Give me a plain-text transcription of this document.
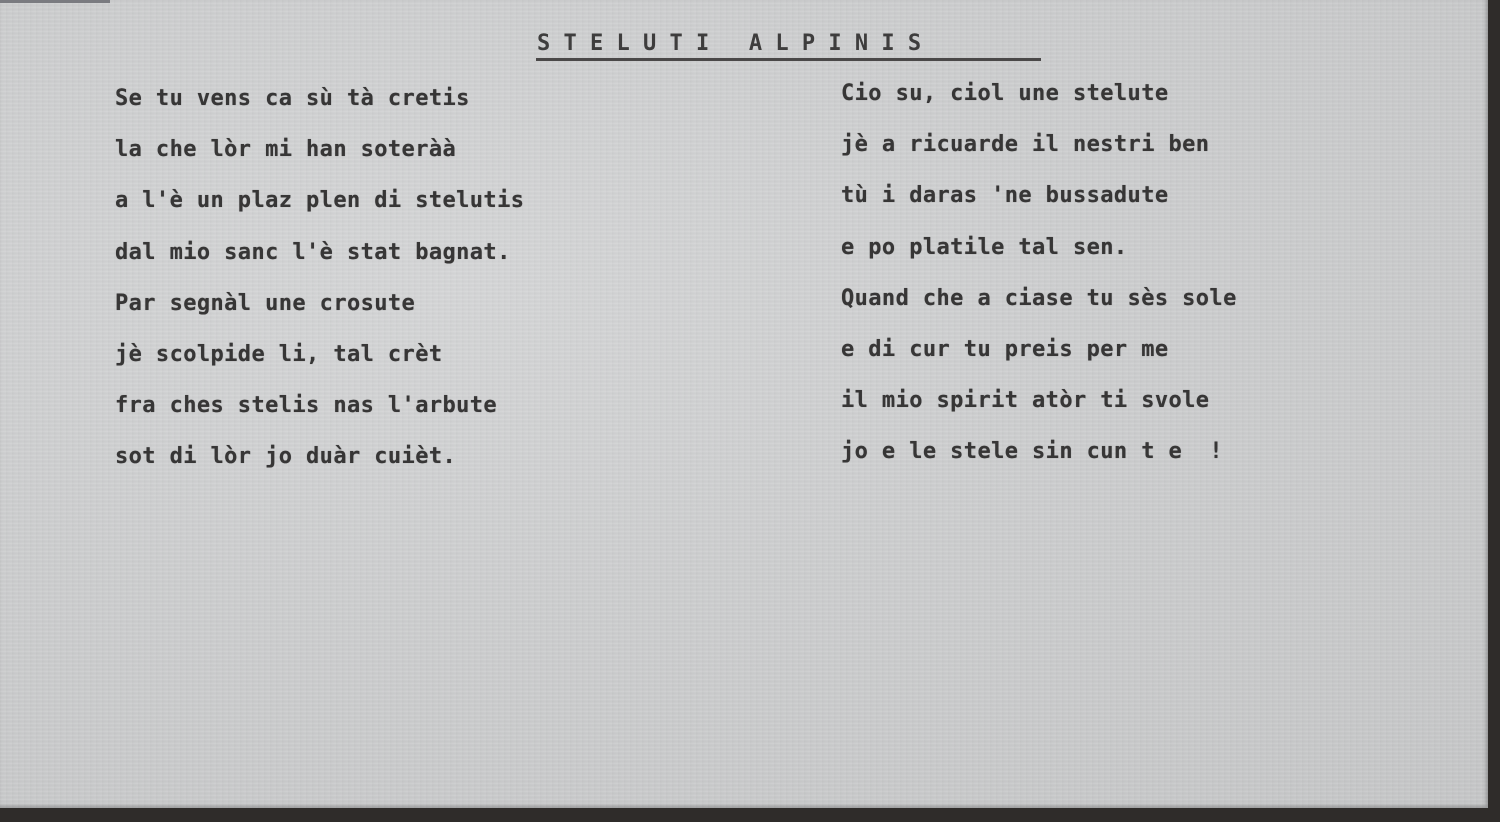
S T E L U T I   A L P I N I S
Se tu vens ca sù tà cretis
la che lòr mi han soteràà
a l'è un plaz plen di stelutis
dal mio sanc l'è stat bagnat.
Par segnàl une crosute
jè scolpide li, tal crèt
fra ches stelis nas l'arbute
sot di lòr jo duàr cuièt.
Cio su, ciol une stelute
jè a ricuarde il nestri ben
tù i daras 'ne bussadute
e po platile tal sen.
Quand che a ciase tu sès sole
e di cur tu preis per me
il mio spirit atòr ti svole
jo e le stele sin cun t e  !
